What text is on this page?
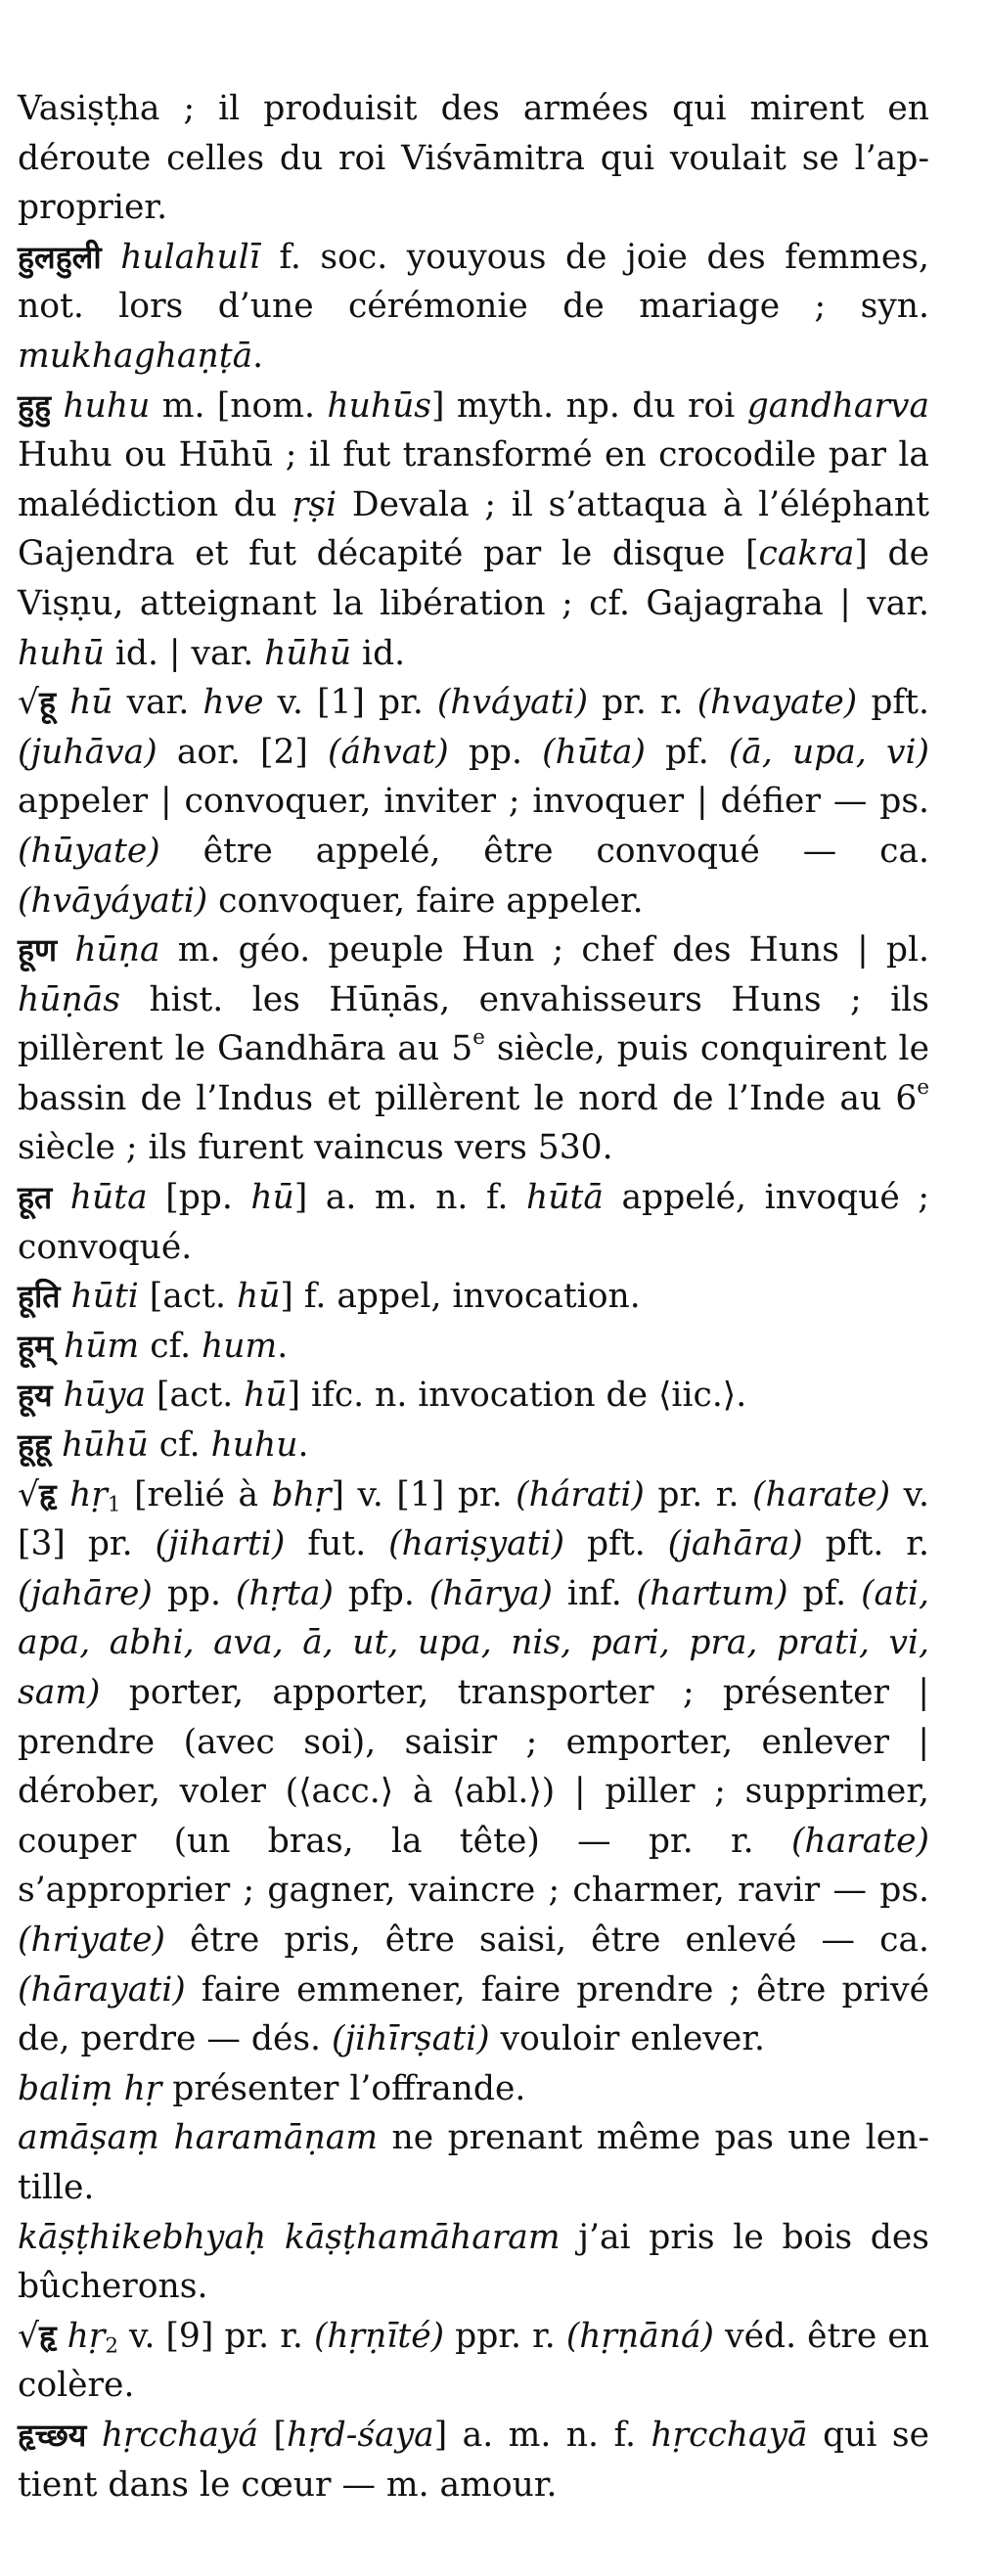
Vasiṣṭha ; il produisit des armées qui mirent en déroute celles du roi Viśvāmitra qui voulait se l’approprier.

हुलहुली hulahulī f. soc. youyous de joie des femmes, not. lors d’une cérémonie de mariage ; syn. mukhaghaṇṭā.

हुहु huhu m. [nom. huhūs] myth. np. du roi gandharva Huhu ou Hūhū ; il fut transformé en crocodile par la malédiction du ṛṣi Devala ; il s’attaqua à l’éléphant Gajendra et fut décapité par le disque [cakra] de Viṣṇu, atteignant la libération ; cf. Gajagraha | var. huhū id. | var. hūhū id.

√हू hū var. hve v. [1] pr. (hváyati) pr. r. (hvayate) pft. (juhāva) aor. [2] (áhvat) pp. (hūta) pf. (ā, upa, vi) appeler | convoquer, inviter ; invoquer | défier — ps. (hūyate) être appelé, être convoqué — ca. (hvāyáyati) convoquer, faire appeler.

हूण hūṇa m. géo. peuple Hun ; chef des Huns | pl. hūṇās hist. les Hūṇās, envahisseurs Huns ; ils pillèrent le Gandhāra au 5e siècle, puis conquirent le bassin de l’Indus et pillèrent le nord de l’Inde au 6e siècle ; ils furent vaincus vers 530.

हूत hūta [pp. hū] a. m. n. f. hūtā appelé, invoqué ; convoqué.

हूति hūti [act. hū] f. appel, invocation.

हूम् hūm cf. hum.

हूय hūya [act. hū] ifc. n. invocation de ⟨iic.⟩.

हूहू hūhū cf. huhu.

√हृ hṛ$_1$ [relié à bhṛ] v. [1] pr. (hárati) pr. r. (harate) v. [3] pr. (jiharti) fut. (hariṣyati) pft. (jahāra) pft. r. (jahāre) pp. (hṛta) pfp. (hārya) inf. (hartum) pf. (ati, apa, abhi, ava, ā, ut, upa, nis, pari, pra, prati, vi, sam) porter, apporter, transporter ; présenter | prendre (avec soi), saisir ; emporter, enlever | dérober, voler (⟨acc.⟩ à ⟨abl.⟩) | piller ; supprimer, couper (un bras, la tête) — pr. r. (harate) s’approprier ; gagner, vaincre ; charmer, ravir — ps. (hriyate) être pris, être saisi, être enlevé — ca. (hārayati) faire emmener, faire prendre ; être privé de, perdre — dés. (jihīrṣati) vouloir enlever.

baliṃ hṛ présenter l’offrande.

amāṣaṃ haramāṇam ne prenant même pas une lentille.

kāṣṭhikebhyaḥ kāṣṭhamāharam j’ai pris le bois des bûcherons.

√हृ hṛ$_2$ v. [9] pr. r. (hṛṇīté) ppr. r. (hṛṇāná) véd. être en colère.

हृच्छय hṛcchayá [hṛd-śaya] a. m. n. f. hṛcchayā qui se tient dans le cœur — m. amour.
